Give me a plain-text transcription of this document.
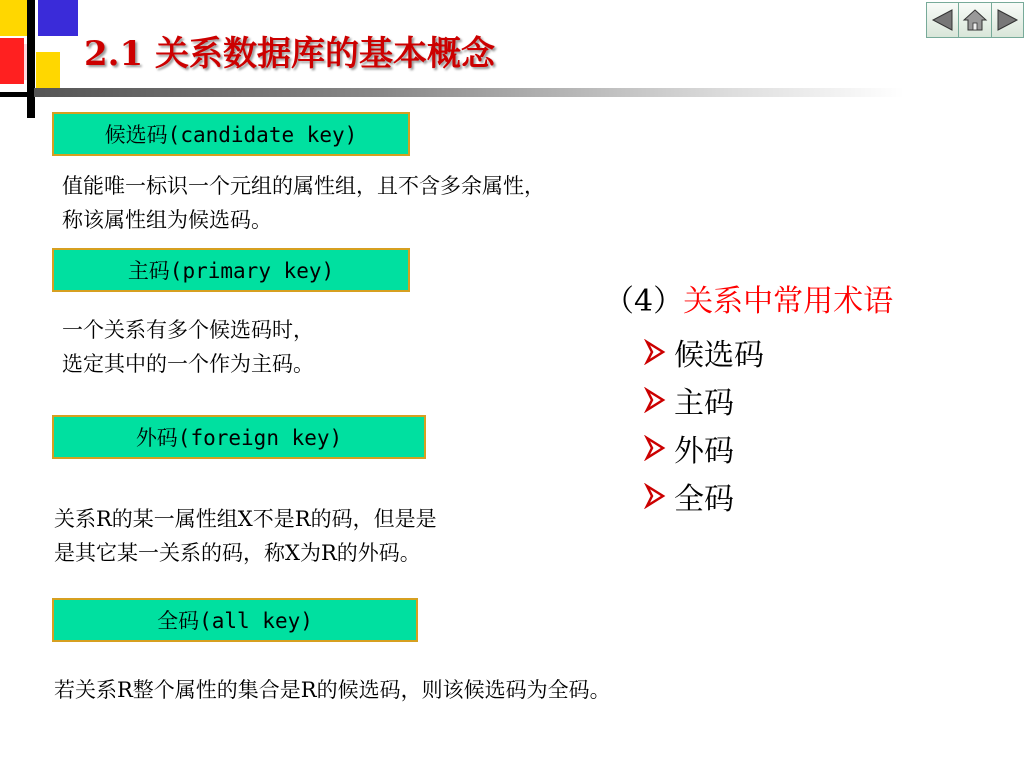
2.1 关系数据库的基本概念
候选码(candidate key)
值能唯一标识一个元组的属性组，且不含多余属性，
称该属性组为候选码。
主码(primary key)
一个关系有多个候选码时，
选定其中的一个作为主码。
外码(foreign key)
关系R的某一属性组X不是R的码，但是是
是其它某一关系的码，称X为R的外码。
全码(all key)
若关系R整个属性的集合是R的候选码，则该候选码为全码。
（4）关系中常用术语
候选码
主码
外码
全码
